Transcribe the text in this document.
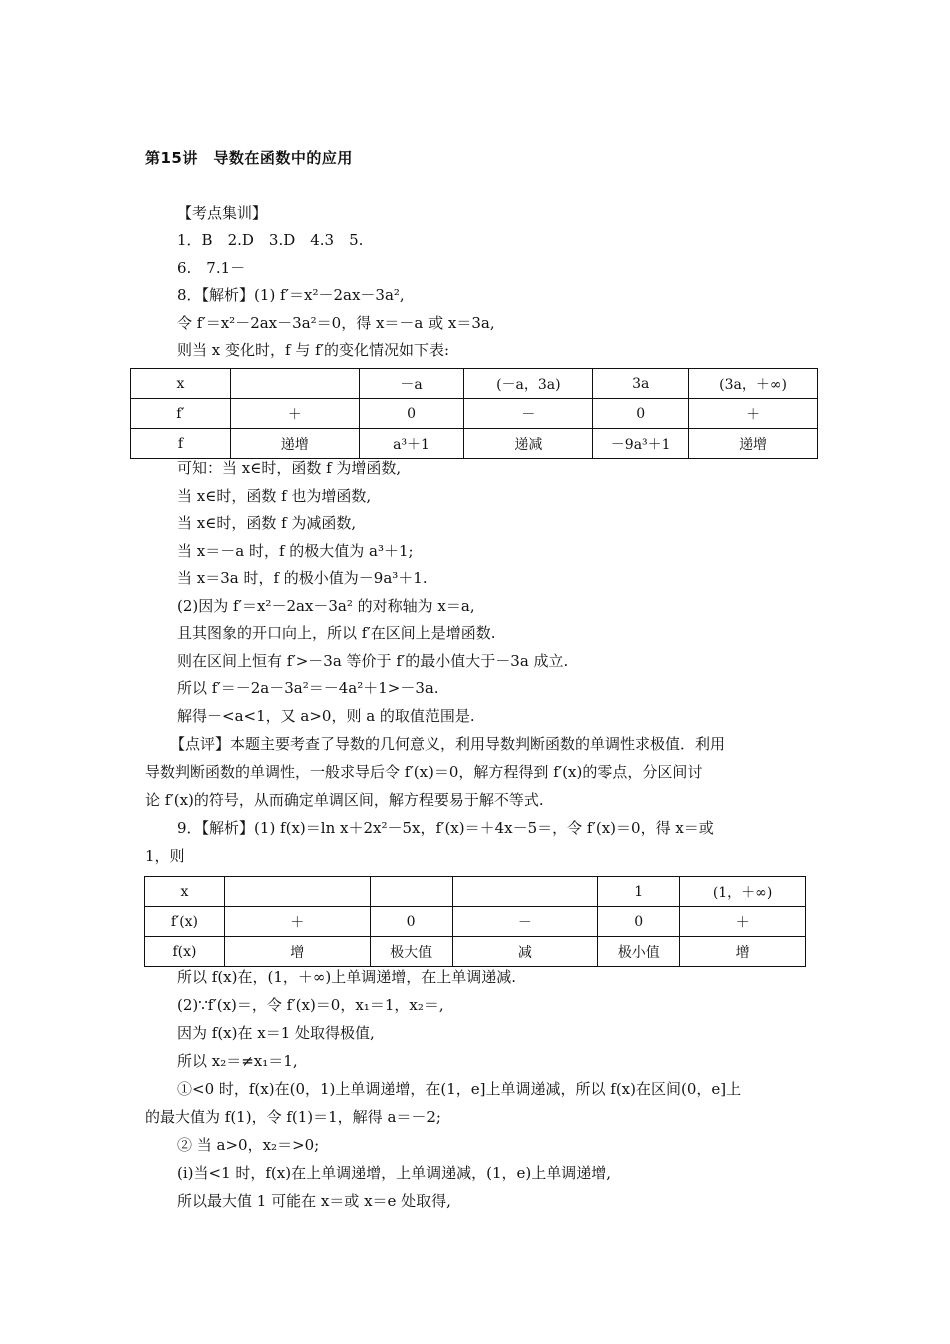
第15讲　导数在函数中的应用
【考点集训】
1．B　2.D　3.D　4.3　5.
6.　7.1－
8．【解析】(1) f′＝x²－2ax－3a²,
令 f′＝x²－2ax－3a²＝0，得 x＝－a 或 x＝3a,
则当 x 变化时，f 与 f′的变化情况如下表:
x		－a	(－a，3a)	3a	(3a，＋∞)
f′	＋	0	－	0	＋
f	递增	a³＋1	递减	－9a³＋1	递增
可知：当 x∈时，函数 f 为增函数,
当 x∈时，函数 f 也为增函数,
当 x∈时，函数 f 为减函数,
当 x＝－a 时，f 的极大值为 a³＋1;
当 x＝3a 时，f 的极小值为－9a³＋1.
(2)因为 f′＝x²－2ax－3a² 的对称轴为 x＝a,
且其图象的开口向上，所以 f′在区间上是增函数.
则在区间上恒有 f′>－3a 等价于 f′的最小值大于－3a 成立.
所以 f′＝－2a－3a²＝－4a²＋1>－3a.
解得－<a<1，又 a>0，则 a 的取值范围是.
【点评】本题主要考查了导数的几何意义，利用导数判断函数的单调性求极值．利用
导数判断函数的单调性，一般求导后令 f′(x)＝0，解方程得到 f′(x)的零点，分区间讨
论 f′(x)的符号，从而确定单调区间，解方程要易于解不等式.
9．【解析】(1) f(x)＝ln x＋2x²－5x，f′(x)＝＋4x－5＝，令 f′(x)＝0，得 x＝或
1，则
x				1	(1，＋∞)
f′(x)	＋	0	－	0	＋
f(x)	增	极大值	减	极小值	增
所以 f(x)在，(1，＋∞)上单调递增，在上单调递减.
(2)∵f′(x)＝，令 f′(x)＝0，x₁＝1，x₂＝,
因为 f(x)在 x＝1 处取得极值,
所以 x₂＝≠x₁＝1,
①<0 时，f(x)在(0，1)上单调递增，在(1，e]上单调递减，所以 f(x)在区间(0，e]上
的最大值为 f(1)，令 f(1)＝1，解得 a＝－2;
② 当 a>0，x₂＝>0;
(ⅰ)当<1 时，f(x)在上单调递增，上单调递减，(1，e)上单调递增,
所以最大值 1 可能在 x＝或 x＝e 处取得,
